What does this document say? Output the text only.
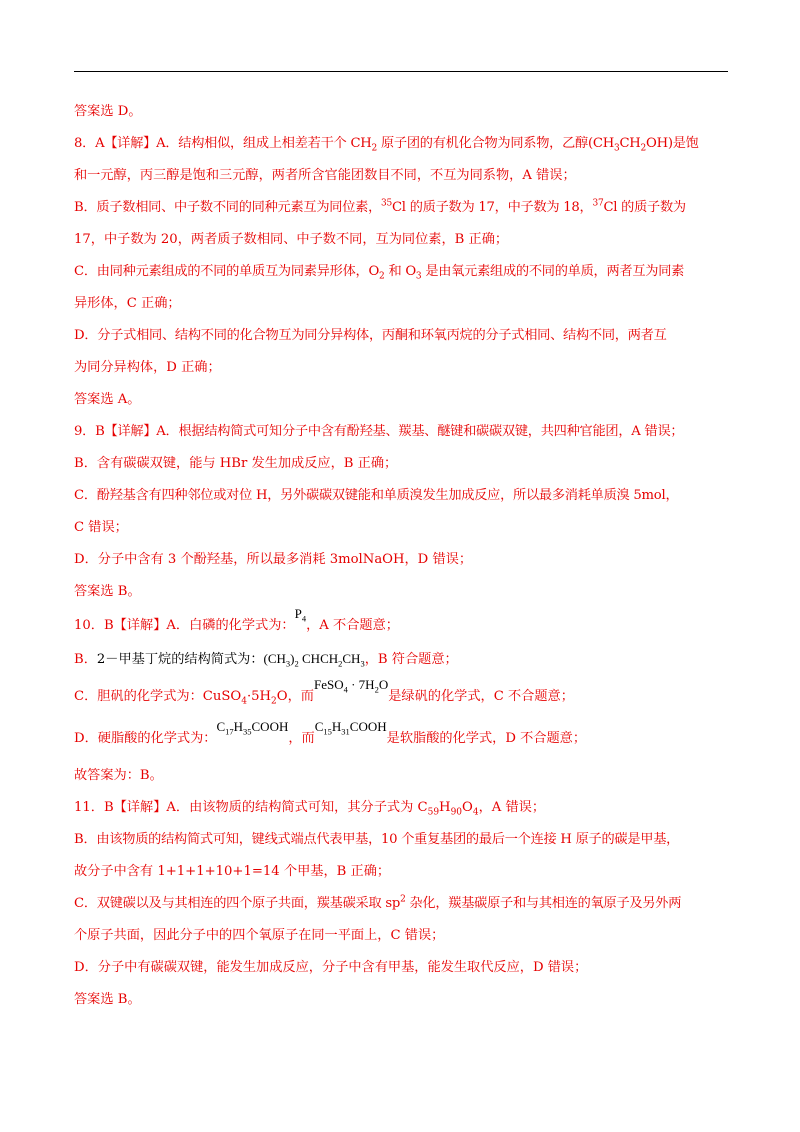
答案选 D。
8．A【详解】A．结构相似，组成上相差若干个 $CH_2$ 原子团的有机化合物为同系物，乙醇$(CH_3CH_2OH)$是饱
和一元醇，丙三醇是饱和三元醇，两者所含官能团数目不同，不互为同系物，A 错误；
B．质子数相同、中子数不同的同种元素互为同位素，$^{35}$Cl 的质子数为 17，中子数为 18，$^{37}$Cl 的质子数为
17，中子数为 20，两者质子数相同、中子数不同，互为同位素，B 正确；
C．由同种元素组成的不同的单质互为同素异形体，$O_2$ 和 $O_3$ 是由氧元素组成的不同的单质，两者互为同素
异形体，C 正确；
D．分子式相同、结构不同的化合物互为同分异构体，丙酮和环氧丙烷的分子式相同、结构不同，两者互
为同分异构体，D 正确；
答案选 A。
9．B【详解】A．根据结构简式可知分子中含有酚羟基、羰基、醚键和碳碳双键，共四种官能团，A 错误；
B．含有碳碳双键，能与 HBr 发生加成反应，B 正确；
C．酚羟基含有四种邻位或对位 H，另外碳碳双键能和单质溴发生加成反应，所以最多消耗单质溴 5mol，
C 错误；
D．分子中含有 3 个酚羟基，所以最多消耗 3molNaOH，D 错误；
答案选 B。
10．B【详解】A．白磷的化学式为：$P_4$，A 不合题意；
B．2－甲基丁烷的结构简式为：$(CH_3)_2$ $CHCH_2CH_3$，B 符合题意；
C．胆矾的化学式为：$CuSO_4\cdot 5H_2O$，而FeSO$_4$ · $7H_2O$是绿矾的化学式，C 不合题意；
D．硬脂酸的化学式为：$C_{17}H_{35}COOH$，而$C_{15}H_{31}COOH$是软脂酸的化学式，D 不合题意；
故答案为：B。
11．B【详解】A．由该物质的结构简式可知，其分子式为 $C_{59}H_{90}O_4$，A 错误；
B．由该物质的结构简式可知，键线式端点代表甲基，10 个重复基团的最后一个连接 H 原子的碳是甲基，
故分子中含有 1+1+1+10+1=14 个甲基，B 正确；
C．双键碳以及与其相连的四个原子共面，羰基碳采取 $sp^2$ 杂化，羰基碳原子和与其相连的氧原子及另外两
个原子共面，因此分子中的四个氧原子在同一平面上，C 错误；
D．分子中有碳碳双键，能发生加成反应，分子中含有甲基，能发生取代反应，D 错误；
答案选 B。
